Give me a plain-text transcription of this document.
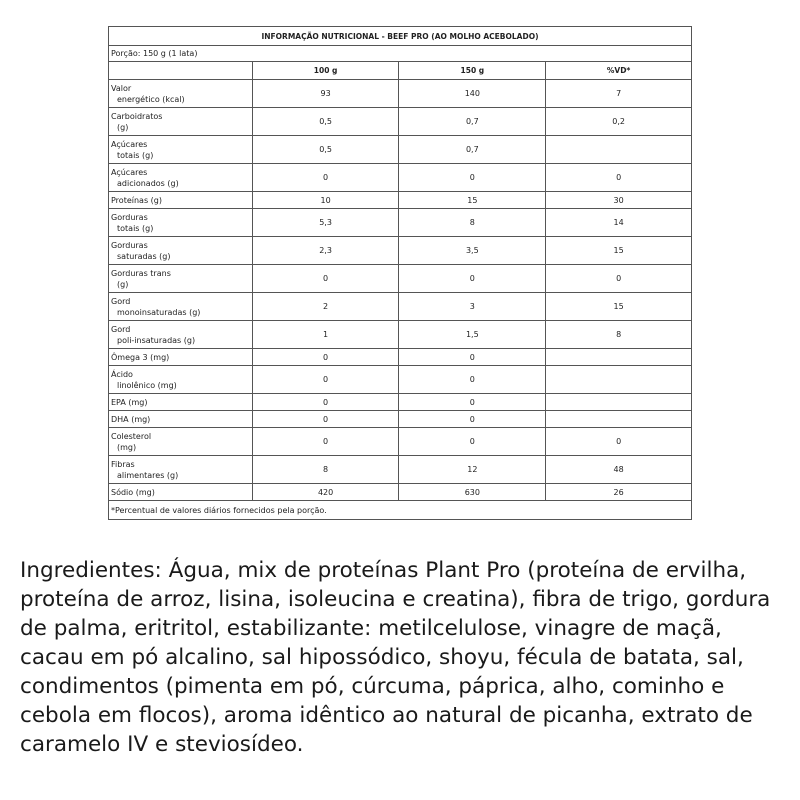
INFORMAÇÃO NUTRICIONAL - BEEF PRO (AO MOLHO ACEBOLADO)			
Porção: 150 g (1 lata)			
	100 g	150 g	%VD*
Valor
energético (kcal)	93	140	7
Carboidratos
(g)	0,5	0,7	0,2
Açúcares
totais (g)	0,5	0,7	
Açúcares
adicionados (g)	0	0	0
Proteínas (g)	10	15	30
Gorduras
totais (g)	5,3	8	14
Gorduras
saturadas (g)	2,3	3,5	15
Gorduras trans
(g)	0	0	0
Gord
monoinsaturadas (g)	2	3	15
Gord
poli-insaturadas (g)	1	1,5	8
Ômega 3 (mg)	0	0	
Ácido
linolênico (mg)	0	0	
EPA (mg)	0	0	
DHA (mg)	0	0	
Colesterol
(mg)	0	0	0
Fibras
alimentares (g)	8	12	48
Sódio (mg)	420	630	26
*Percentual de valores diários fornecidos pela porção.			

Ingredientes: Água, mix de proteínas Plant Pro (proteína de ervilha, proteína de arroz, lisina, isoleucina e creatina), fibra de trigo, gordura de palma, eritritol, estabilizante: metilcelulose, vinagre de maçã, cacau em pó alcalino, sal hipossódico, shoyu, fécula de batata, sal, condimentos (pimenta em pó, cúrcuma, páprica, alho, cominho e cebola em flocos), aroma idêntico ao natural de picanha, extrato de caramelo IV e steviosídeo.
